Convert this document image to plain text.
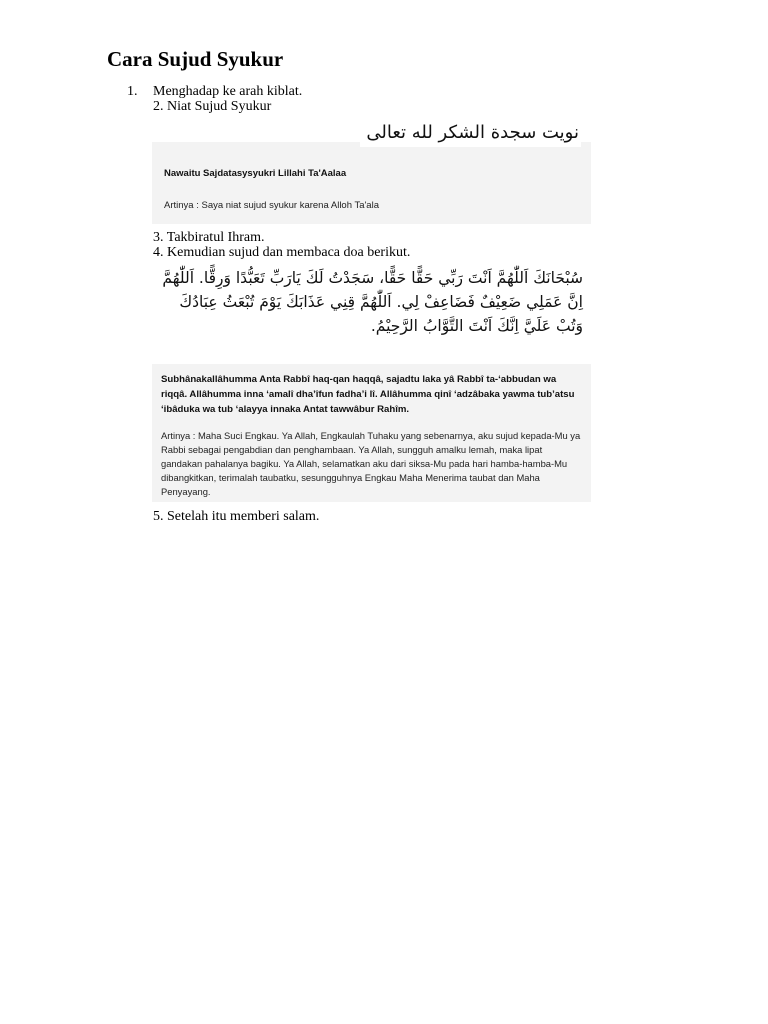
Cara Sujud Syukur
1. Menghadap ke arah kiblat.
2. Niat Sujud Syukur
نويت سجدة الشكر لله تعالى
Nawaitu Sajdatasysyukri Lillahi Ta'Aalaa
Artinya : Saya niat sujud syukur karena Alloh Ta'ala
3. Takbiratul Ihram.
4. Kemudian sujud dan membaca doa berikut.
سُبْحَانَكَ اَللّٰهُمَّ اَنْتَ رَبِّي حَقًّا حَقًّا، سَجَدْتُ لَكَ يَارَبِّ تَعَبُّدًا وَرِقًّا. اَللّٰهُمَّ اِنَّ عَمَلِي ضَعِيْفٌ فَضَاعِفْ لِي. اَللّٰهُمَّ قِنِي عَذَابَكَ يَوْمَ تُبْعَثُ عِبَادُكَ وَتُبْ عَلَيَّ اِنَّكَ اَنْتَ التَّوَّابُ الرَّحِيْمُ.
Subhânakallâhumma Anta Rabbî haq-qan haqqâ, sajadtu laka yâ Rabbî ta-‘abbudan wa riqqâ. Allâhumma inna ‘amalî dha’îfun fadha’i lî. Allâhumma qinî ‘adzâbaka yawma tub’atsu ‘ibâduka wa tub ‘alayya innaka Antat tawwâbur Rahîm.
Artinya : Maha Suci Engkau. Ya Allah, Engkaulah Tuhaku yang sebenarnya, aku sujud kepada-Mu ya Rabbi sebagai pengabdian dan penghambaan. Ya Allah, sungguh amalku lemah, maka lipat gandakan pahalanya bagiku. Ya Allah, selamatkan aku dari siksa-Mu pada hari hamba-hamba-Mu dibangkitkan, terimalah taubatku, sesungguhnya Engkau Maha Menerima taubat dan Maha Penyayang.
5. Setelah itu memberi salam.
